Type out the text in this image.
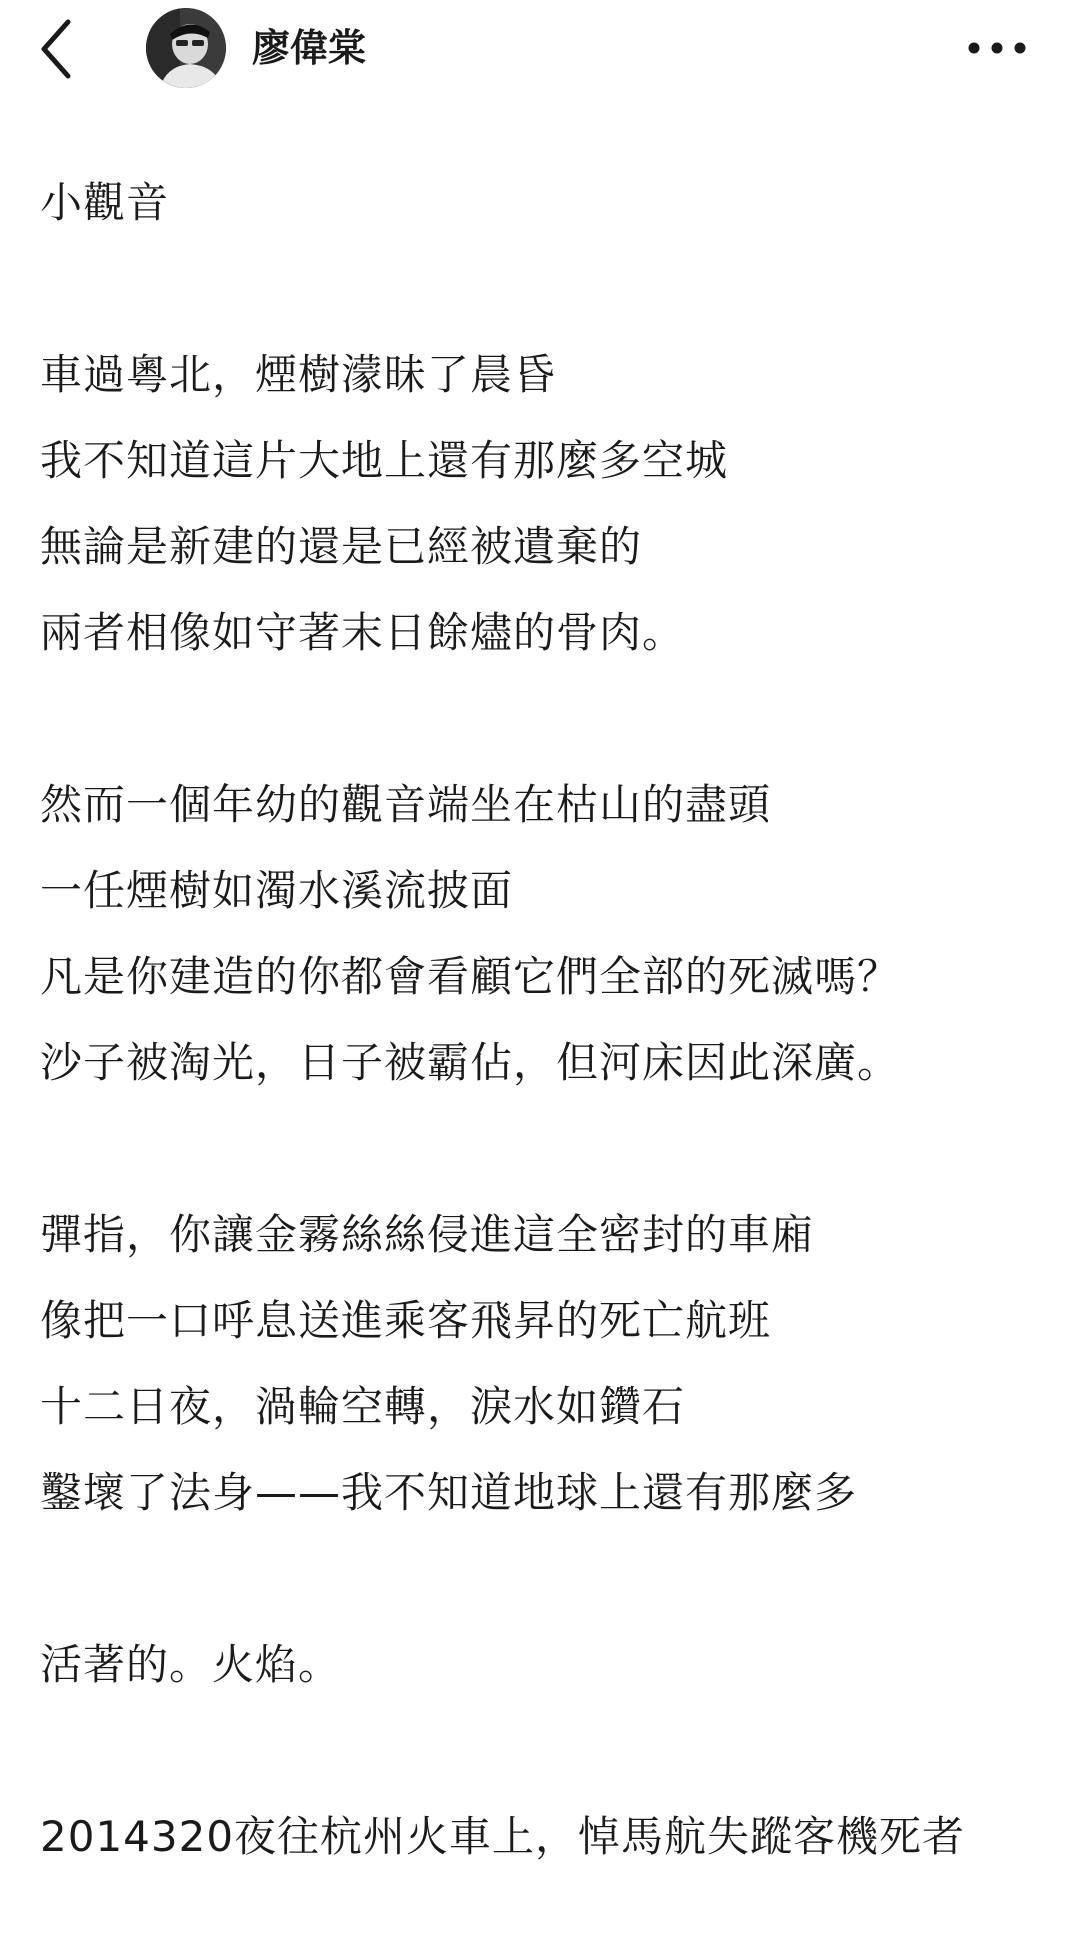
廖偉棠
小觀音
車過粵北，煙樹濛昧了晨昏
我不知道這片大地上還有那麼多空城
無論是新建的還是已經被遺棄的
兩者相像如守著末日餘燼的骨肉。
然而一個年幼的觀音端坐在枯山的盡頭
一任煙樹如濁水溪流披面
凡是你建造的你都會看顧它們全部的死滅嗎？
沙子被淘光，日子被霸佔，但河床因此深廣。
彈指，你讓金霧絲絲侵進這全密封的車廂
像把一口呼息送進乘客飛昇的死亡航班
十二日夜，渦輪空轉，淚水如鑽石
鑿壞了法身——我不知道地球上還有那麼多
活著的。火焰。
2014320夜往杭州火車上，悼馬航失蹤客機死者
